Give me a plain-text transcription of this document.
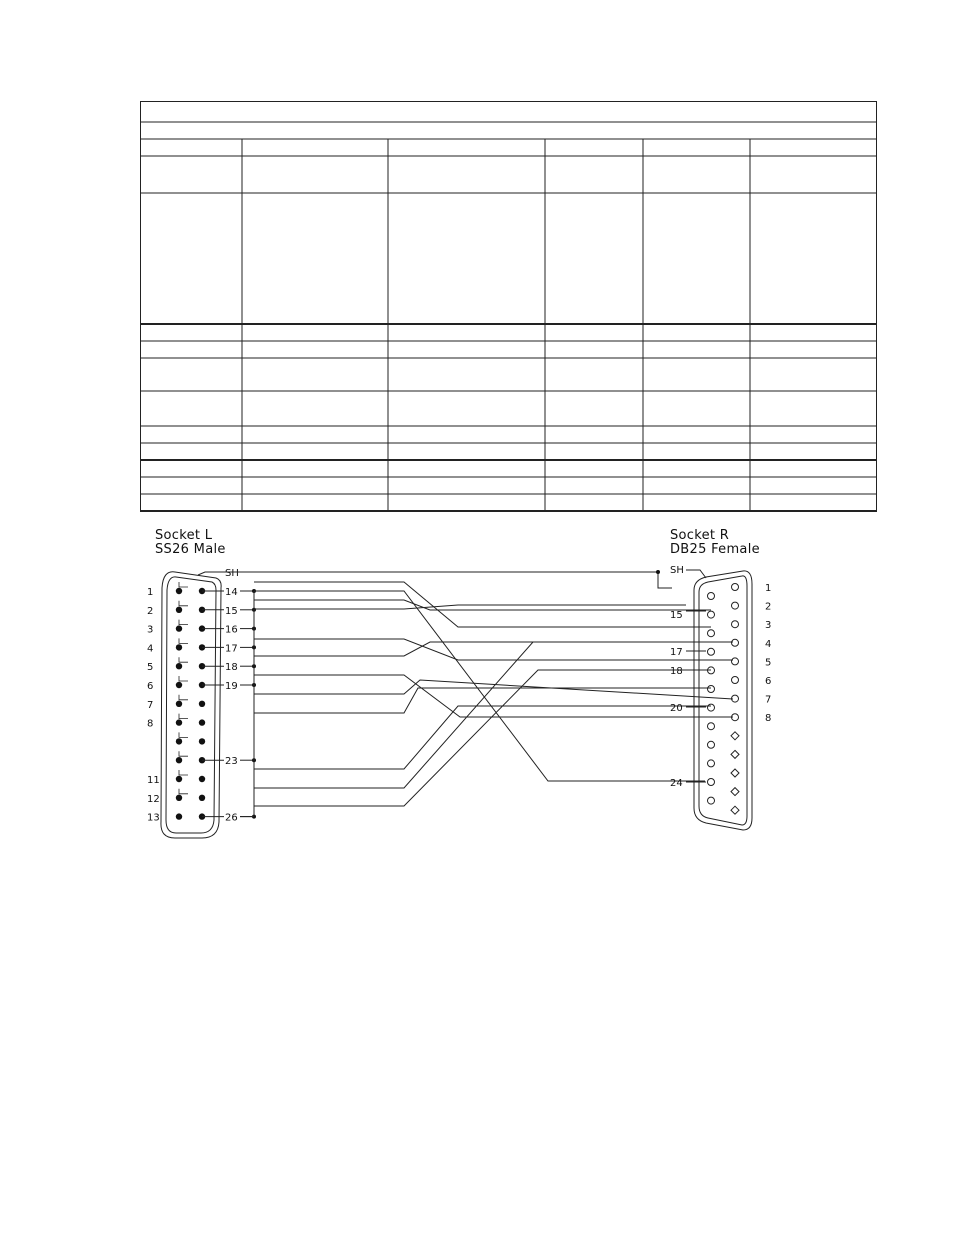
Socket L
SS26 Male
Socket R
DB25 Female
1
2
3
4
5
6
7
8
11
12
13
SH
14
15
16
17
18
19
23
26
1
2
3
4
5
6
7
8
SH
15
17
18
20
24
